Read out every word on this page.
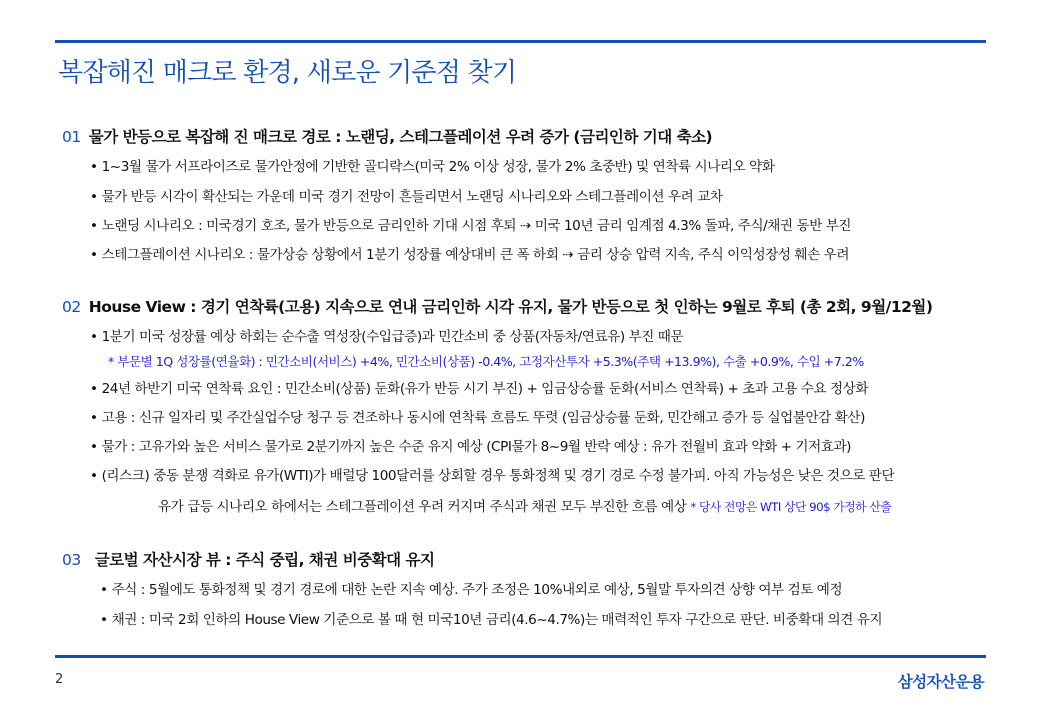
복잡해진 매크로 환경, 새로운 기준점 찾기
01 물가 반등으로 복잡해 진 매크로 경로 : 노랜딩, 스테그플레이션 우려 증가 (금리인하 기대 축소)
• 1~3월 물가 서프라이즈로 물가안정에 기반한 골디락스(미국 2% 이상 성장, 물가 2% 초중반) 및 연착륙 시나리오 약화
• 물가 반등 시각이 확산되는 가운데 미국 경기 전망이 흔들리면서 노랜딩 시나리오와 스테그플레이션 우려 교차
• 노랜딩 시나리오 : 미국경기 호조, 물가 반등으로 금리인하 기대 시점 후퇴 ⇢ 미국 10년 금리 임계점 4.3% 돌파, 주식/채권 동반 부진
• 스테그플레이션 시나리오 : 물가상승 상황에서 1분기 성장률 예상대비 큰 폭 하회 ⇢ 금리 상승 압력 지속, 주식 이익성장성 훼손 우려
02 House View : 경기 연착륙(고용) 지속으로 연내 금리인하 시각 유지, 물가 반등으로 첫 인하는 9월로 후퇴 (총 2회, 9월/12월)
• 1분기 미국 성장률 예상 하회는 순수출 역성장(수입급증)과 민간소비 중 상품(자동차/연료유) 부진 때문
* 부문별 1Q 성장률(연율화) : 민간소비(서비스) +4%, 민간소비(상품) -0.4%, 고정자산투자 +5.3%(주택 +13.9%), 수출 +0.9%, 수입 +7.2%
• 24년 하반기 미국 연착륙 요인 : 민간소비(상품) 둔화(유가 반등 시기 부진) + 임금상승률 둔화(서비스 연착륙) + 초과 고용 수요 정상화
• 고용 : 신규 일자리 및 주간실업수당 청구 등 견조하나 동시에 연착륙 흐름도 뚜렷 (임금상승률 둔화, 민간해고 증가 등 실업불안감 확산)
• 물가 : 고유가와 높은 서비스 물가로 2분기까지 높은 수준 유지 예상 (CPI물가 8~9월 반락 예상 : 유가 전월비 효과 약화 + 기저효과)
• (리스크) 중동 분쟁 격화로 유가(WTI)가 배럴당 100달러를 상회할 경우 통화정책 및 경기 경로 수정 불가피. 아직 가능성은 낮은 것으로 판단
유가 급등 시나리오 하에서는 스테그플레이션 우려 커지며 주식과 채권 모두 부진한 흐름 예상 * 당사 전망은 WTI 상단 90$ 가정하 산출
03 글로벌 자산시장 뷰 : 주식 중립, 채권 비중확대 유지
• 주식 : 5월에도 통화정책 및 경기 경로에 대한 논란 지속 예상. 주가 조정은 10%내외로 예상, 5월말 투자의견 상향 여부 검토 예정
• 채권 : 미국 2회 인하의 House View 기준으로 볼 때 현 미국10년 금리(4.6~4.7%)는 매력적인 투자 구간으로 판단. 비중확대 의견 유지
2	삼성자산운용
